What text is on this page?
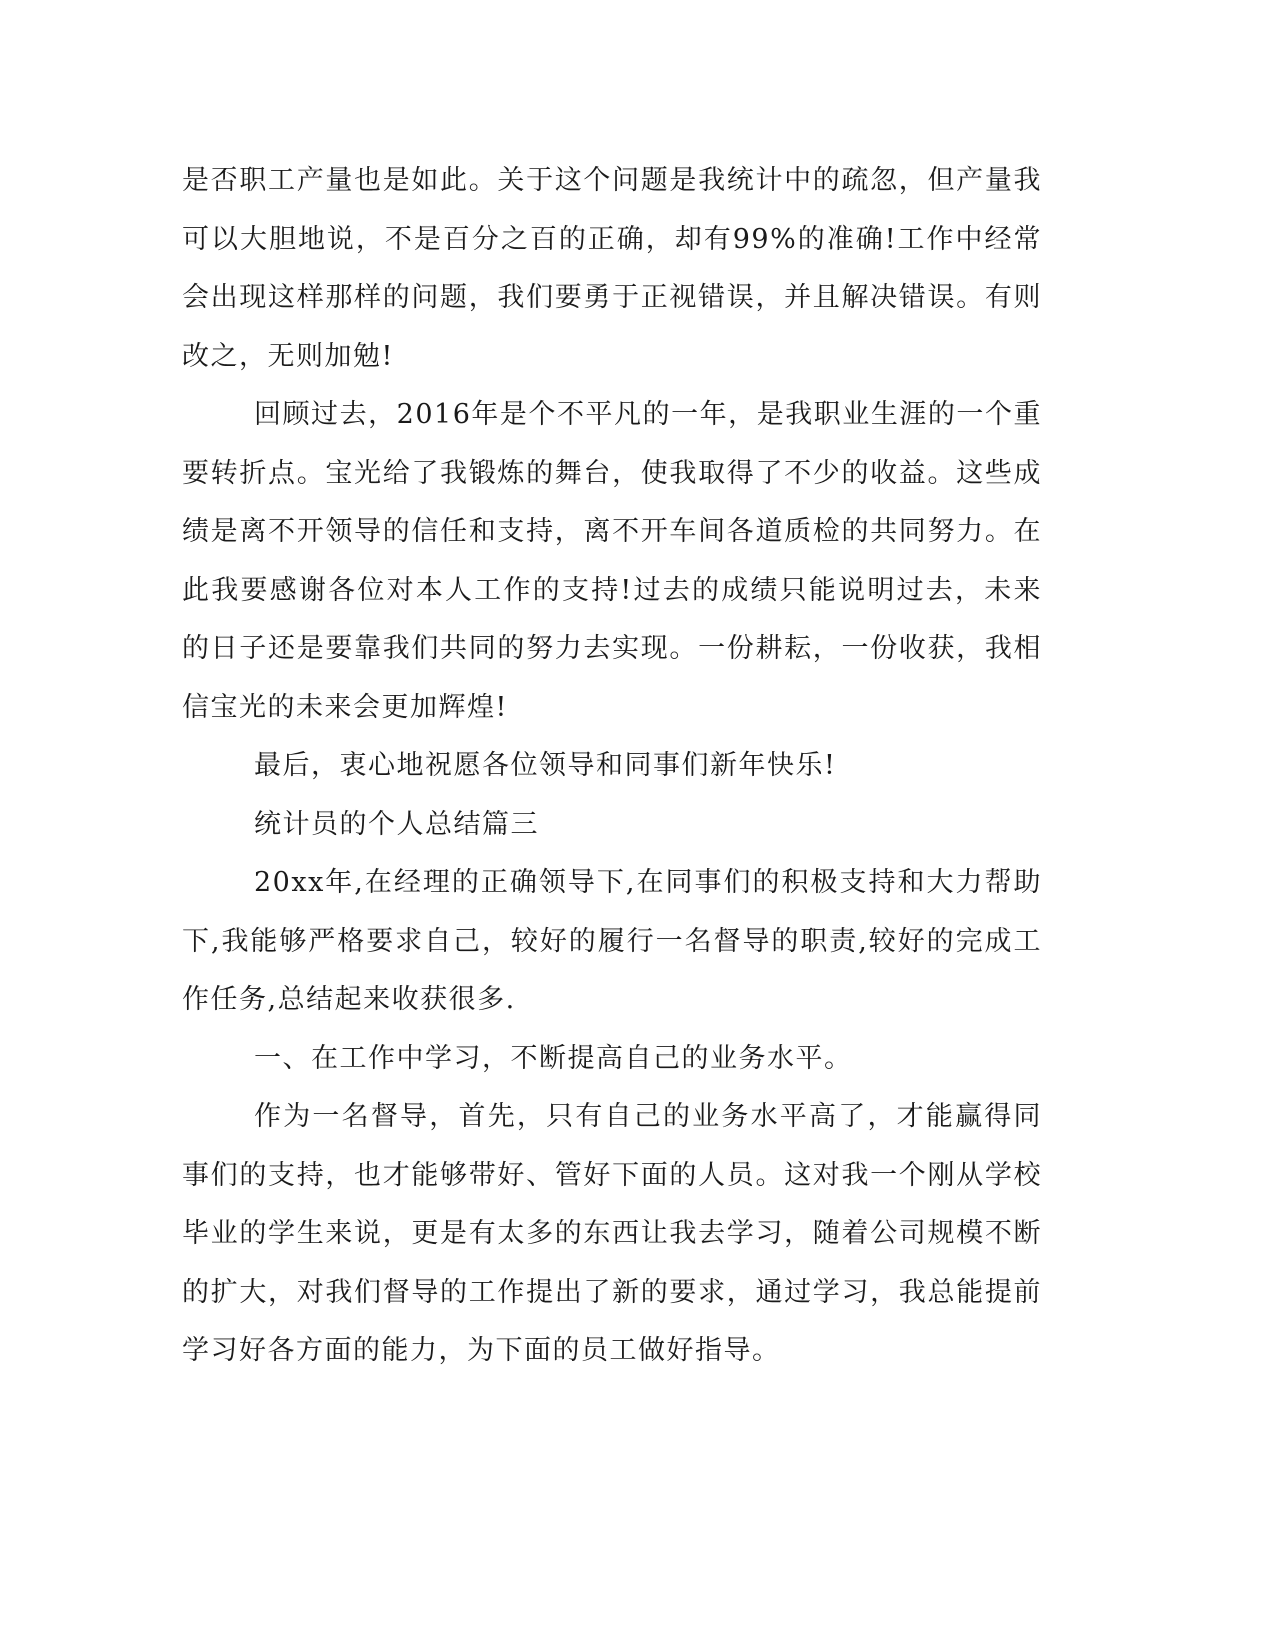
是否职工产量也是如此。关于这个问题是我统计中的疏忽，但产量我可以大胆地说，不是百分之百的正确，却有99%的准确!工作中经常会出现这样那样的问题，我们要勇于正视错误，并且解决错误。有则改之，无则加勉!

回顾过去，2016年是个不平凡的一年，是我职业生涯的一个重要转折点。宝光给了我锻炼的舞台，使我取得了不少的收益。这些成绩是离不开领导的信任和支持，离不开车间各道质检的共同努力。在此我要感谢各位对本人工作的支持!过去的成绩只能说明过去，未来的日子还是要靠我们共同的努力去实现。一份耕耘，一份收获，我相信宝光的未来会更加辉煌!

最后，衷心地祝愿各位领导和同事们新年快乐!

统计员的个人总结篇三

20xx年,在经理的正确领导下,在同事们的积极支持和大力帮助下,我能够严格要求自己，较好的履行一名督导的职责,较好的完成工作任务,总结起来收获很多.

一、在工作中学习，不断提高自己的业务水平。

作为一名督导，首先，只有自己的业务水平高了，才能赢得同事们的支持，也才能够带好、管好下面的人员。这对我一个刚从学校毕业的学生来说，更是有太多的东西让我去学习，随着公司规模不断的扩大，对我们督导的工作提出了新的要求，通过学习，我总能提前学习好各方面的能力，为下面的员工做好指导。
